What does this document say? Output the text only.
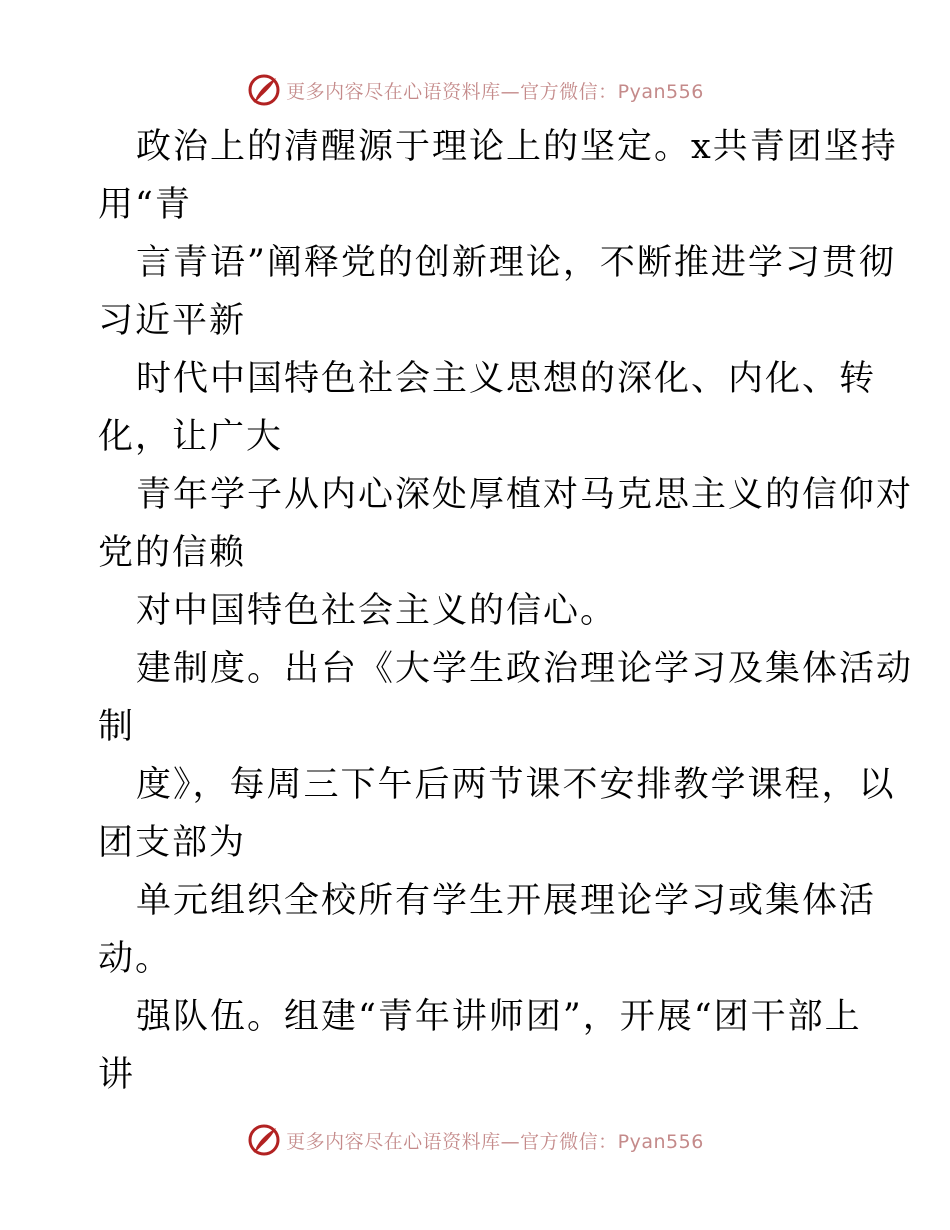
更多内容尽在心语资料库—官方微信：Pyan556
政治上的清醒源于理论上的坚定。x共青团坚持
用“青
言青语”阐释党的创新理论，不断推进学习贯彻
习近平新
时代中国特色社会主义思想的深化、内化、转
化，让广大
青年学子从内心深处厚植对马克思主义的信仰对
党的信赖
对中国特色社会主义的信心。
建制度。出台《大学生政治理论学习及集体活动
制
度》，每周三下午后两节课不安排教学课程，以
团支部为
单元组织全校所有学生开展理论学习或集体活
动。
强队伍。组建“青年讲师团”，开展“团干部上
讲
更多内容尽在心语资料库—官方微信：Pyan556
